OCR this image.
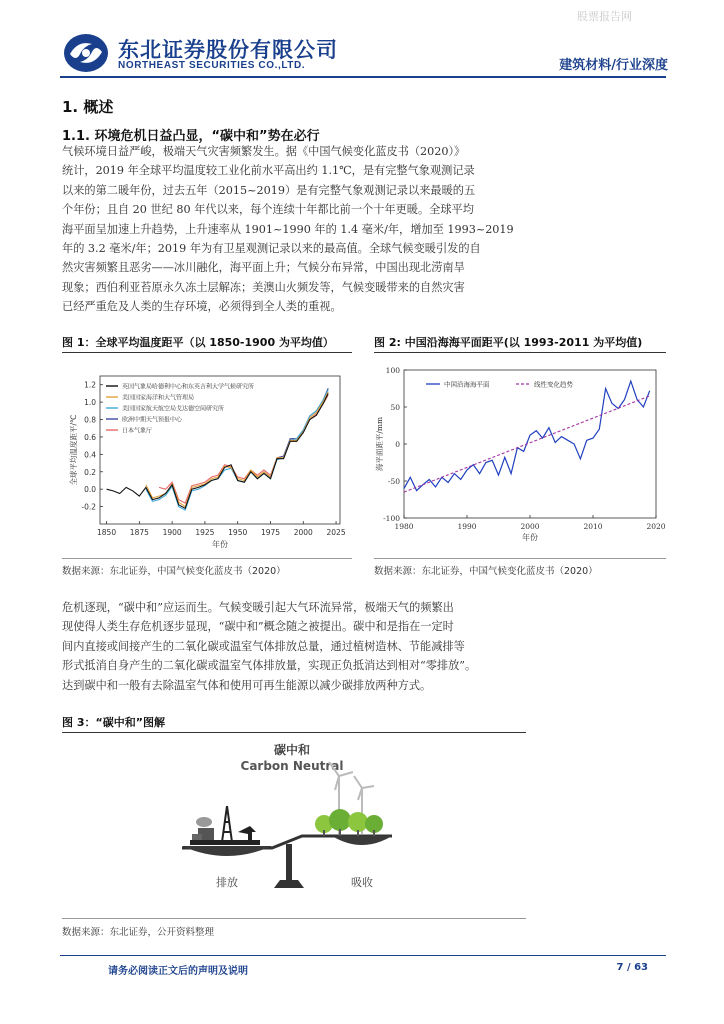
股票报告网
东北证券股份有限公司
NORTHEAST SECURITIES CO.,LTD.	建筑材料/行业深度
1. 概述
1.1. 环境危机日益凸显，“碳中和”势在必行
气候环境日益严峻，极端天气灾害频繁发生。据《中国气候变化蓝皮书（2020）》
统计，2019 年全球平均温度较工业化前水平高出约 1.1℃，是有完整气象观测记录
以来的第二暖年份，过去五年（2015~2019）是有完整气象观测记录以来最暖的五
个年份；且自 20 世纪 80 年代以来，每个连续十年都比前一个十年更暖。全球平均
海平面呈加速上升趋势，上升速率从 1901~1990 年的 1.4 毫米/年，增加至 1993~2019
年的 3.2 毫米/年；2019 年为有卫星观测记录以来的最高值。全球气候变暖引发的自
然灾害频繁且恶劣——冰川融化，海平面上升；气候分布异常，中国出现北涝南旱
现象；西伯利亚苔原永久冻土层解冻；美澳山火频发等，气候变暖带来的自然灾害
已经严重危及人类的生存环境，必须得到全人类的重视。
图 1：全球平均温度距平（以 1850-1900 为平均值）
-0.2
0.0
0.2
0.4
0.6
0.8
1.0
1.2
1850 1875 1900 1925 1950 1975 2000 2025
年份
全球平均温度距平/℃
英国气象局哈德利中心和东英吉利大学气候研究所
美国国家海洋和大气管理局
美国国家航天航空局戈达德空间研究所
欧洲中期天气预报中心
日本气象厅
数据来源：东北证券，中国气候变化蓝皮书（2020）
图 2: 中国沿海海平面距平(以 1993-2011 为平均值)
-100
-50
0
50
100
1980	1990	2000	2010	2020
年份
海平面距平/mm
中国沿海海平面	线性变化趋势
数据来源：东北证券，中国气候变化蓝皮书（2020）
危机逐现，“碳中和”应运而生。气候变暖引起大气环流异常，极端天气的频繁出
现使得人类生存危机逐步显现，“碳中和”概念随之被提出。碳中和是指在一定时
间内直接或间接产生的二氧化碳或温室气体排放总量，通过植树造林、节能减排等
形式抵消自身产生的二氧化碳或温室气体排放量，实现正负抵消达到相对“零排放”。
达到碳中和一般有去除温室气体和使用可再生能源以减少碳排放两种方式。
图 3：“碳中和”图解
碳中和
Carbon Neutral
排放	吸收
数据来源：东北证券，公开资料整理
请务必阅读正文后的声明及说明	7 / 63
